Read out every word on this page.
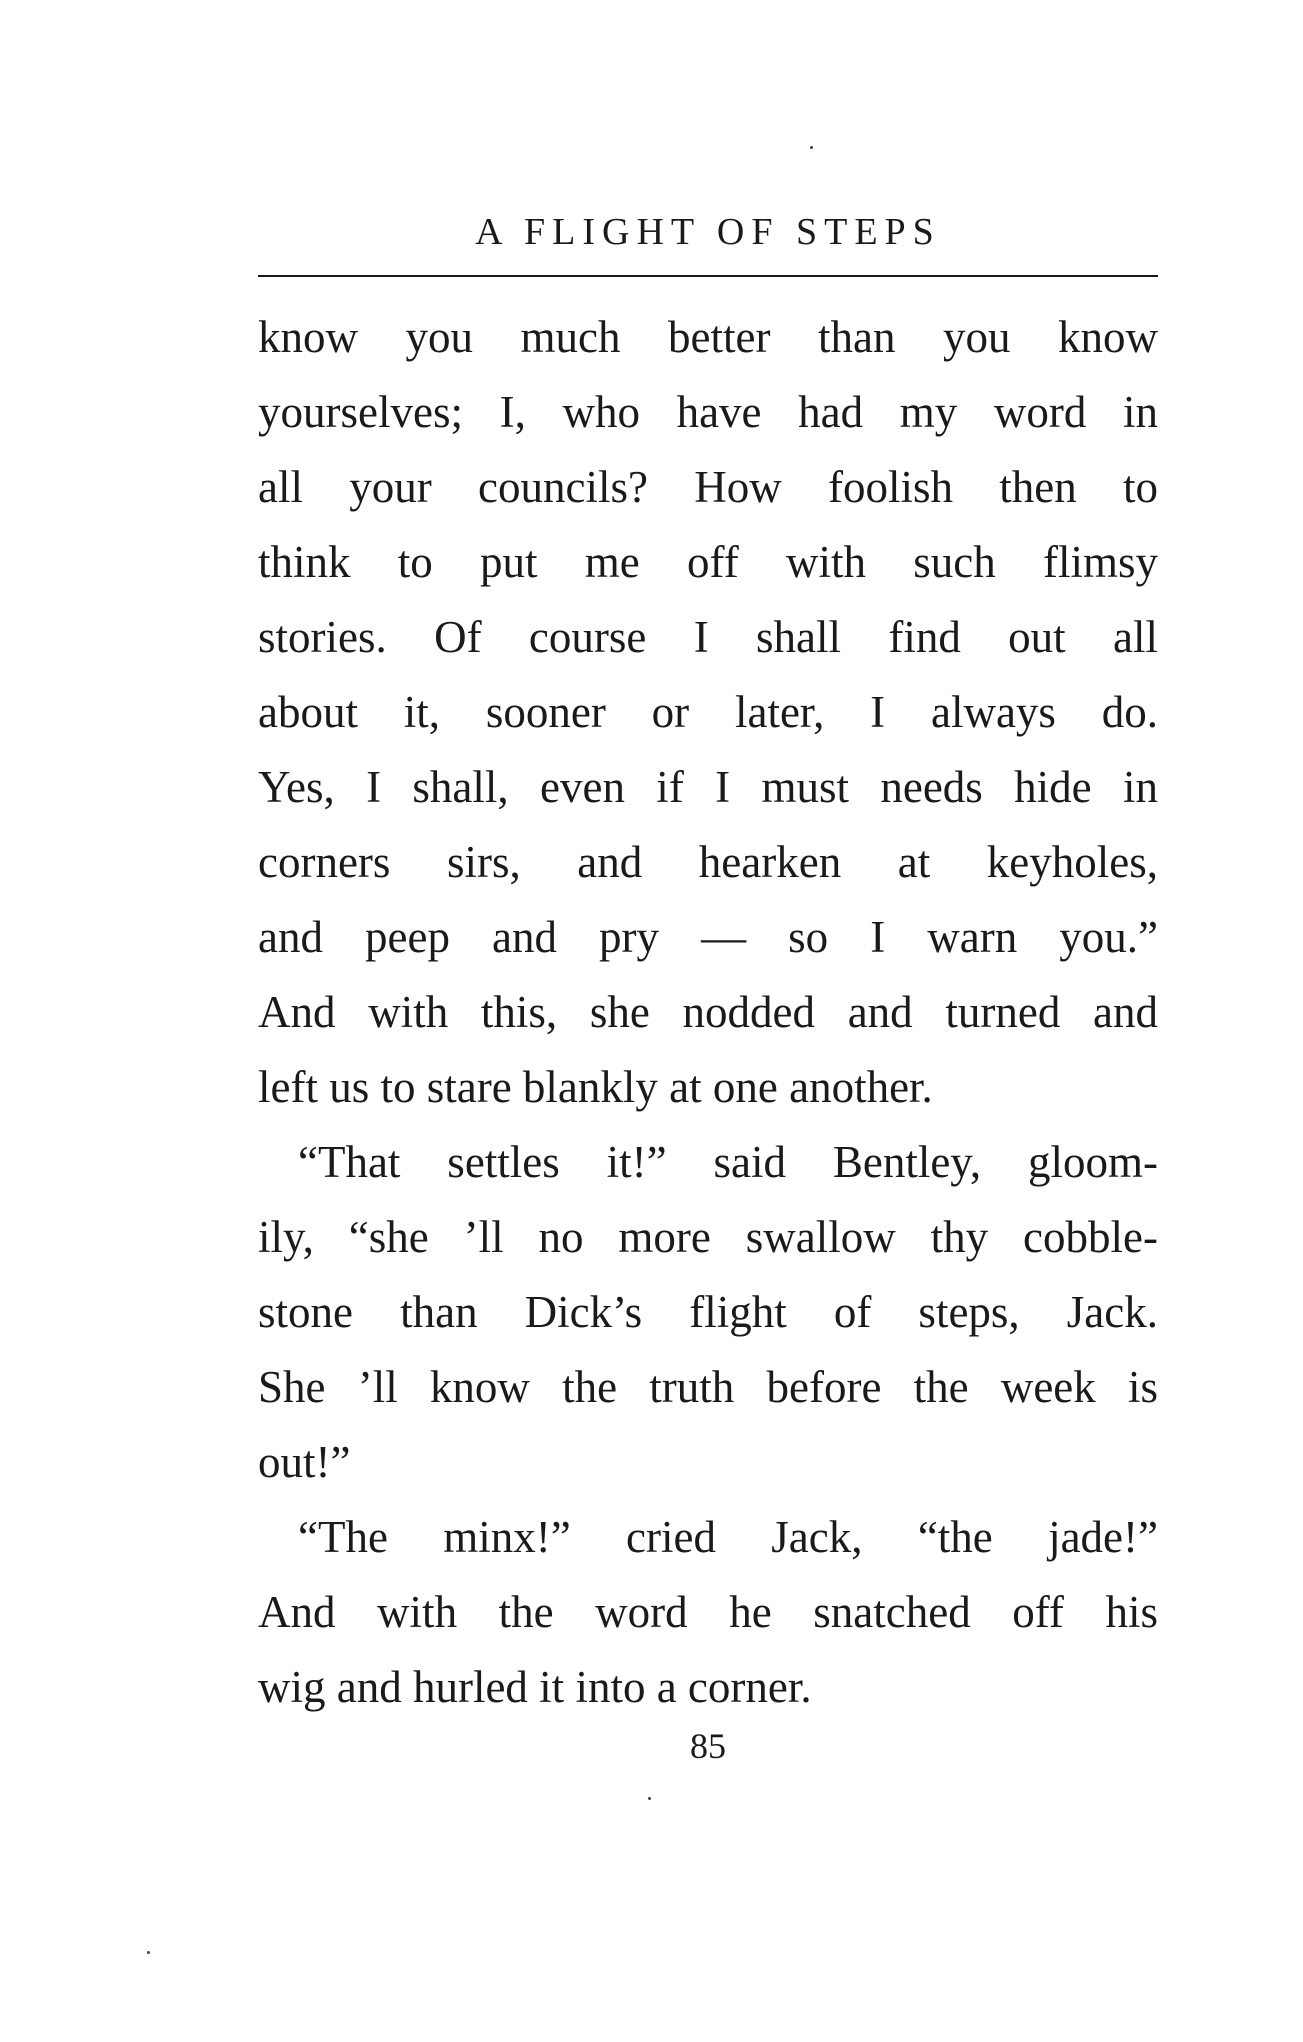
A FLIGHT OF STEPS
know you much better than you know
yourselves; I, who have had my word in
all your councils? How foolish then to
think to put me off with such flimsy
stories. Of course I shall find out all
about it, sooner or later, I always do.
Yes, I shall, even if I must needs hide in
corners sirs, and hearken at keyholes,
and peep and pry — so I warn you.”
And with this, she nodded and turned and
left us to stare blankly at one another.
“That settles it!” said Bentley, gloom-
ily, “she ’ll no more swallow thy cobble-
stone than Dick’s flight of steps, Jack.
She ’ll know the truth before the week is
out!”
“The minx!” cried Jack, “the jade!”
And with the word he snatched off his
wig and hurled it into a corner.
85
